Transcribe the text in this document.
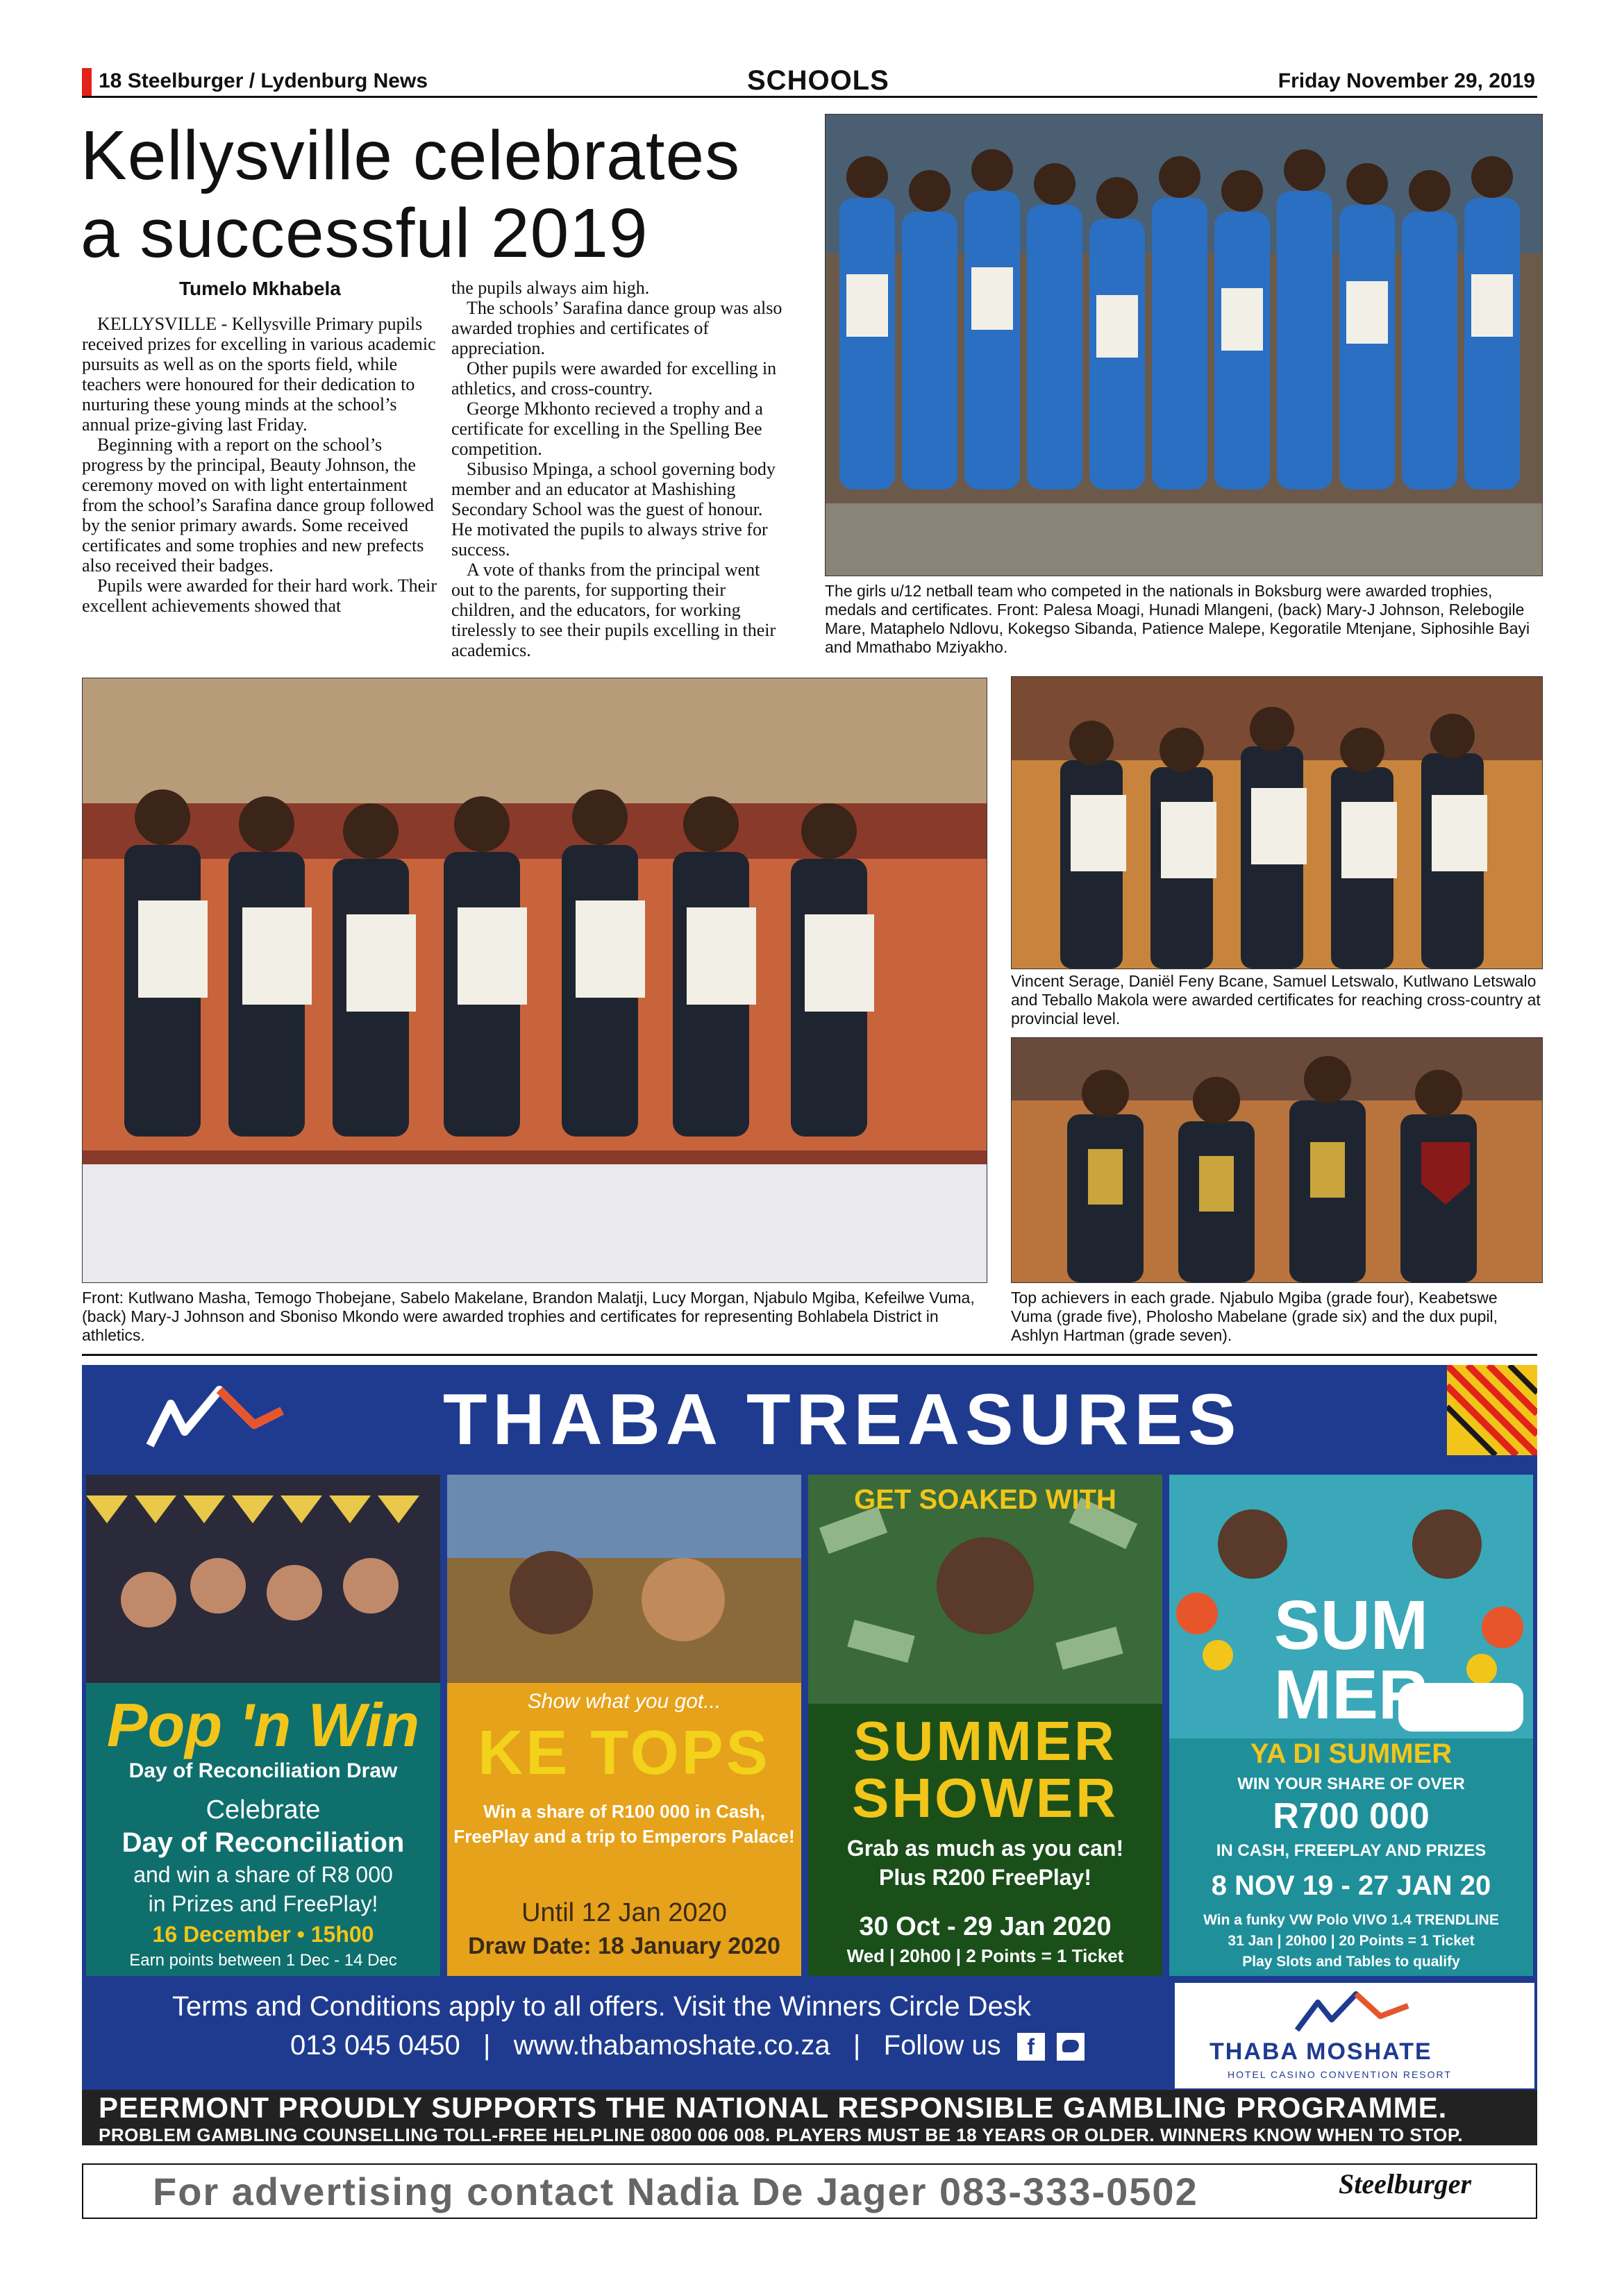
18 Steelburger / Lydenburg News	SCHOOLS	Friday November 29, 2019
Kellysville celebrates
a successful 2019
Tumelo Mkhabela

KELLYSVILLE - Kellysville Primary pupils received prizes for excelling in various academic pursuits as well as on the sports field, while teachers were honoured for their dedication to nurturing these young minds at the school’s annual prize-giving last Friday.

Beginning with a report on the school’s progress by the principal, Beauty Johnson, the ceremony moved on with light entertainment from the school’s Sarafina dance group followed by the senior primary awards. Some received certificates and some trophies and new prefects also received their badges.

Pupils were awarded for their hard work. Their excellent achievements showed that

the pupils always aim high.

The schools’ Sarafina dance group was also awarded trophies and certificates of appreciation.

Other pupils were awarded for excelling in athletics, and cross-country.

George Mkhonto recieved a trophy and a certificate for excelling in the Spelling Bee competition.

Sibusiso Mpinga, a school governing body member and an educator at Mashishing Secondary School was the guest of honour. He motivated the pupils to always strive for success.

A vote of thanks from the principal went out to the parents, for supporting their children, and the educators, for working tirelessly to see their pupils excelling in their academics.

The girls u/12 netball team who competed in the nationals in Boksburg were awarded trophies, medals and certificates. Front: Palesa Moagi, Hunadi Mlangeni, (back) Mary-J Johnson, Relebogile Mare, Mataphelo Ndlovu, Kokegso Sibanda, Patience Malepe, Kegoratile Mtenjane, Siphosihle Bayi and Mmathabo Mziyakho.
Front: Kutlwano Masha, Temogo Thobejane, Sabelo Makelane, Brandon Malatji, Lucy Morgan, Njabulo Mgiba, Kefeilwe Vuma, (back) Mary-J Johnson and Sboniso Mkondo were awarded trophies and certificates for representing Bohlabela District in athletics.
Vincent Serage, Daniël Feny Bcane, Samuel Letswalo, Kutlwano Letswalo and Teballo Makola were awarded certificates for reaching cross-country at provincial level.
Top achievers in each grade. Njabulo Mgiba (grade four), Keabetswe Vuma (grade five), Pholosho Mabelane (grade six) and the dux pupil, Ashlyn Hartman (grade seven).
THABA TREASURES
Pop 'n Win
Day of Reconciliation Draw
Celebrate
Day of Reconciliation
and win a share of R8 000
in Prizes and FreePlay!
16 December • 15h00
Earn points between 1 Dec - 14 Dec
Show what you got...
KE TOPS
Win a share of R100 000 in Cash,
FreePlay and a trip to Emperors Palace!
Until 12 Jan 2020
Draw Date: 18 January 2020
GET SOAKED WITH
SUMMER
SHOWER
Grab as much as you can!
Plus R200 FreePlay!
30 Oct - 29 Jan 2020
Wed | 20h00 | 2 Points = 1 Ticket
SUM
MER
YA DI SUMMER
WIN YOUR SHARE OF OVER
R700 000
IN CASH, FREEPLAY AND PRIZES
8 NOV 19 - 27 JAN 20
Win a funky VW Polo VIVO 1.4 TRENDLINE
31 Jan | 20h00 | 20 Points = 1 Ticket
Play Slots and Tables to qualify
Terms and Conditions apply to all offers. Visit the Winners Circle Desk
013 045 0450   |   www.thabamoshate.co.za   |   Follow us f	THABA MOSHATE
HOTEL CASINO CONVENTION RESORT
PEERMONT PROUDLY SUPPORTS THE NATIONAL RESPONSIBLE GAMBLING PROGRAMME.
PROBLEM GAMBLING COUNSELLING TOLL-FREE HELPLINE 0800 006 008. PLAYERS MUST BE 18 YEARS OR OLDER. WINNERS KNOW WHEN TO STOP.
For advertising contact Nadia De Jager 083-333-0502	Steelburger
